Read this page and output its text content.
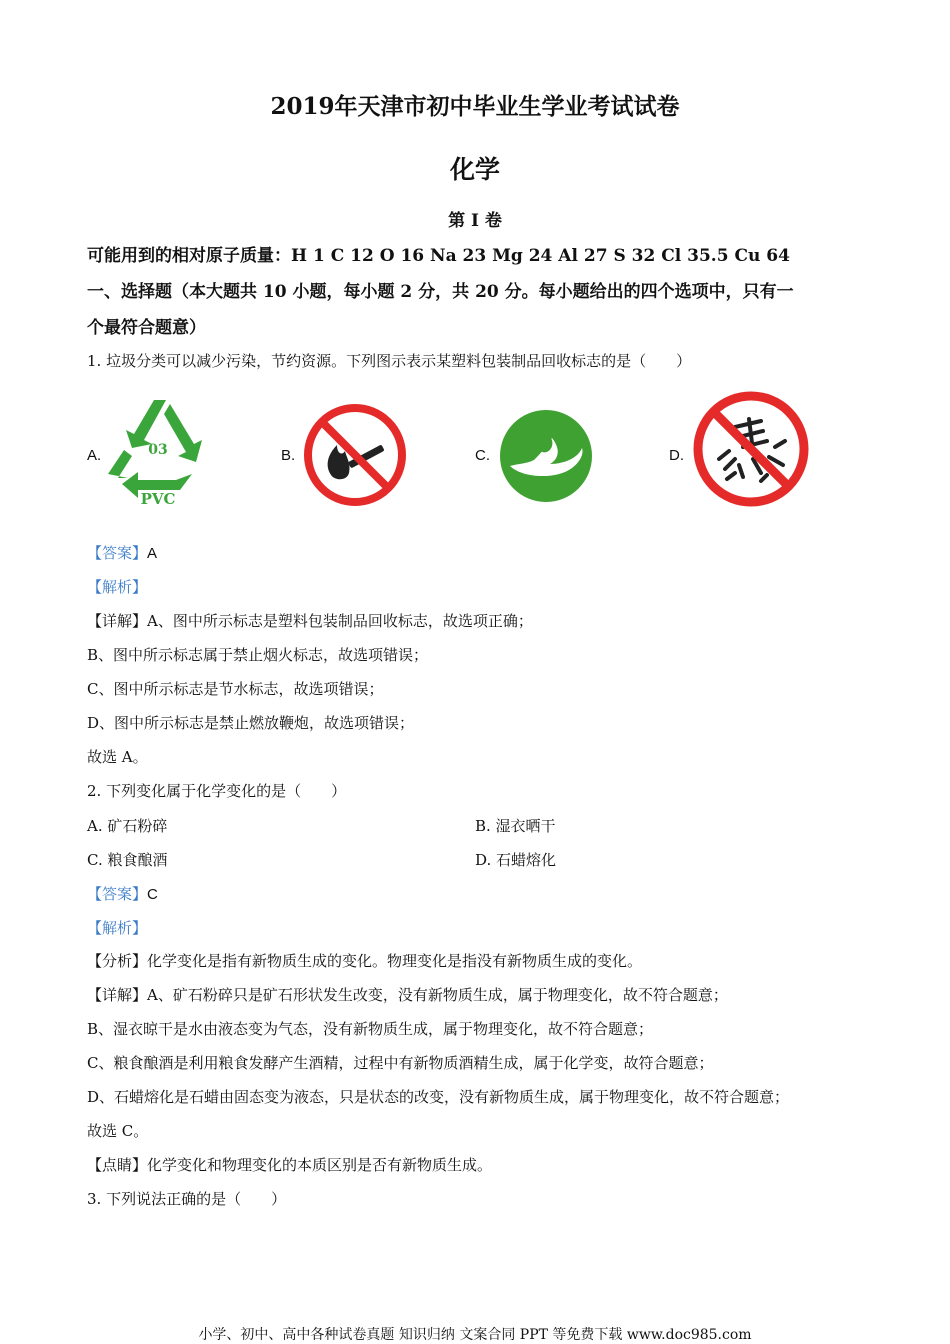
2019年天津市初中毕业生学业考试试卷
化学
第 I 卷
可能用到的相对原子质量：H 1 C 12 O 16 Na 23 Mg 24 Al 27 S 32 Cl 35.5 Cu 64
一、选择题（本大题共 10 小题，每小题 2 分，共 20 分。每小题给出的四个选项中，只有一
个最符合题意）
1. 垃圾分类可以减少污染，节约资源。下列图示表示某塑料包装制品回收标志的是（　　）
A.	03
PVC
B.	C.	D.
【答案】A
【解析】
【详解】A、图中所示标志是塑料包装制品回收标志，故选项正确；
B、图中所示标志属于禁止烟火标志，故选项错误；
C、图中所示标志是节水标志，故选项错误；
D、图中所示标志是禁止燃放鞭炮，故选项错误；
故选 A。
2. 下列变化属于化学变化的是（　　）
A. 矿石粉碎	B. 湿衣晒干
C. 粮食酿酒	D. 石蜡熔化
【答案】C
【解析】
【分析】化学变化是指有新物质生成的变化。物理变化是指没有新物质生成的变化。
【详解】A、矿石粉碎只是矿石形状发生改变，没有新物质生成，属于物理变化，故不符合题意；
B、湿衣晾干是水由液态变为气态，没有新物质生成，属于物理变化，故不符合题意；
C、粮食酿酒是利用粮食发酵产生酒精，过程中有新物质酒精生成，属于化学变，故符合题意；
D、石蜡熔化是石蜡由固态变为液态，只是状态的改变，没有新物质生成，属于物理变化，故不符合题意；
故选 C。
【点睛】化学变化和物理变化的本质区别是否有新物质生成。
3. 下列说法正确的是（　　）
小学、初中、高中各种试卷真题 知识归纳 文案合同 PPT 等免费下载 www.doc985.com
